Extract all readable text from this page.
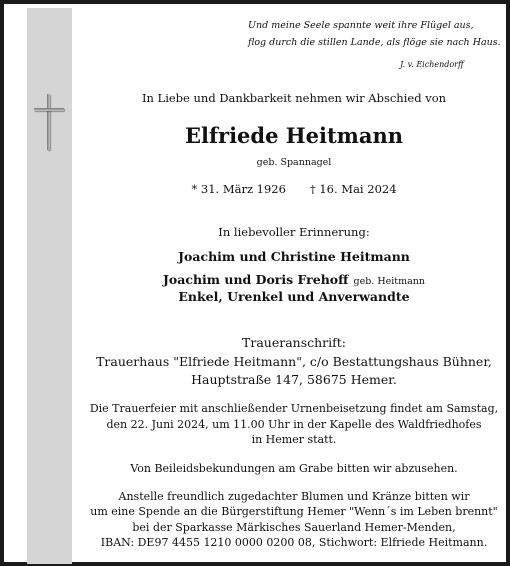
Und meine Seele spannte weit ihre Flügel aus,
flog durch die stillen Lande, als flöge sie nach Haus.
J. v. Eichendorff
In Liebe und Dankbarkeit nehmen wir Abschied von
Elfriede Heitmann
geb. Spannagel
* 31. März 1926 † 16. Mai 2024
In liebevoller Erinnerung:
Joachim und Christine Heitmann
Joachim und Doris Frehoff geb. Heitmann
Enkel, Urenkel und Anverwandte
Traueranschrift:
Trauerhaus "Elfriede Heitmann", c/o Bestattungshaus Bühner,
Hauptstraße 147, 58675 Hemer.
Die Trauerfeier mit anschließender Urnenbeisetzung findet am Samstag,
den 22. Juni 2024, um 11.00 Uhr in der Kapelle des Waldfriedhofes
in Hemer statt.
Von Beileidsbekundungen am Grabe bitten wir abzusehen.
Anstelle freundlich zugedachter Blumen und Kränze bitten wir
um eine Spende an die Bürgerstiftung Hemer "Wenn´s im Leben brennt"
bei der Sparkasse Märkisches Sauerland Hemer-Menden,
IBAN: DE97 4455 1210 0000 0200 08, Stichwort: Elfriede Heitmann.
